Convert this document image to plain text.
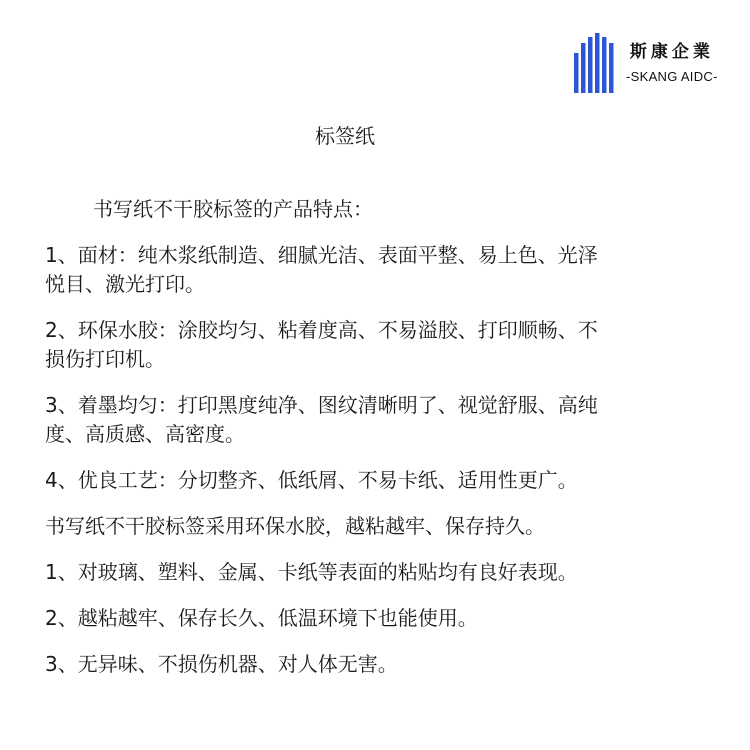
斯康企業
-SKANG AIDC-
标签纸

书写纸不干胶标签的产品特点：

1、面材：纯木浆纸制造、细腻光洁、表面平整、易上色、光泽

悦目、激光打印。

2、环保水胶：涂胶均匀、粘着度高、不易溢胶、打印顺畅、不

损伤打印机。

3、着墨均匀：打印黑度纯净、图纹清晰明了、视觉舒服、高纯

度、高质感、高密度。

4、优良工艺：分切整齐、低纸屑、不易卡纸、适用性更广。

书写纸不干胶标签采用环保水胶，越粘越牢、保存持久。

1、对玻璃、塑料、金属、卡纸等表面的粘贴均有良好表现。

2、越粘越牢、保存长久、低温环境下也能使用。

3、无异味、不损伤机器、对人体无害。
